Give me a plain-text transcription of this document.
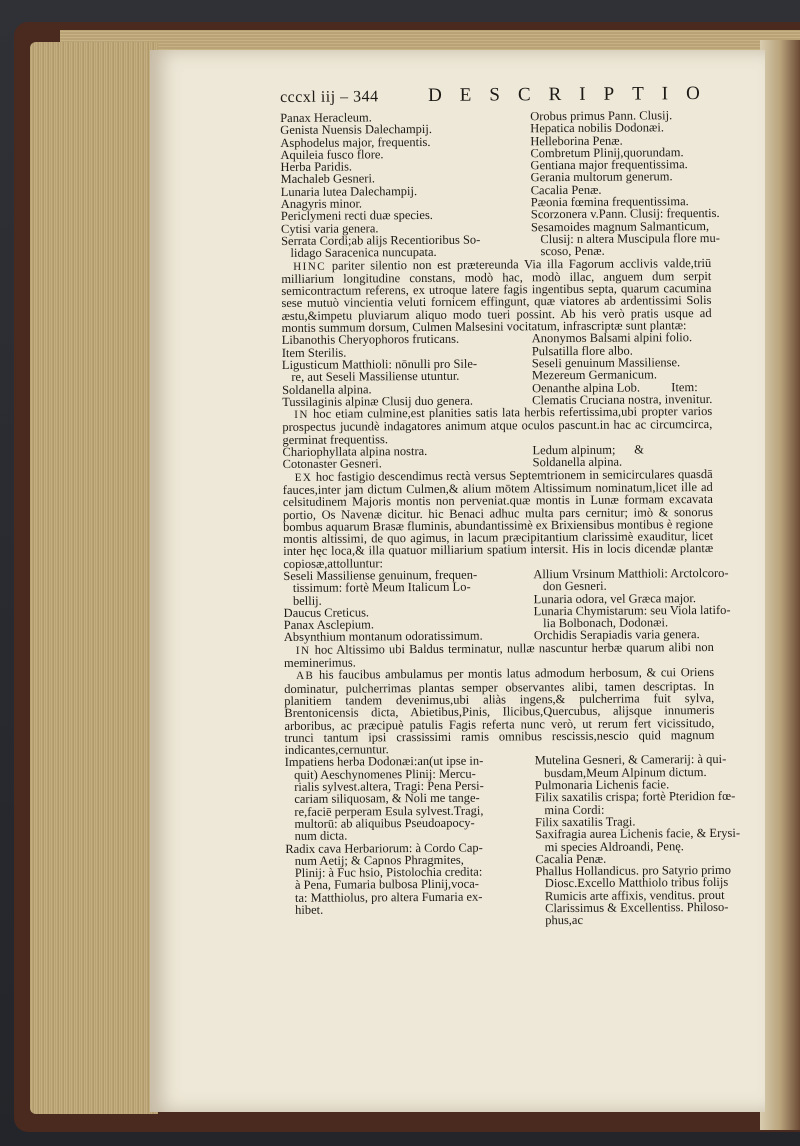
cccxl iij – 344	DESCRIPTIO
Panax Heracleum.
Genista Nuensis Dalechampij.
Asphodelus major, frequentis.
Aquileia fusco flore.
Herba Paridis.
Machaleb Gesneri.
Lunaria lutea Dalechampij.
Anagyris minor.
Periclymeni recti duæ species.
Cytisi varia genera.
Serrata Cordi;ab alijs Recentioribus So-
lidago Saracenica nuncupata.
Orobus primus Pann. Clusij.
Hepatica nobilis Dodonæi.
Helleborina Penæ.
Combretum Plinij,quorundam.
Gentiana major frequentissima.
Gerania multorum generum.
Cacalia Penæ.
Pæonia fœmina frequentissima.
Scorzonera v.Pann. Clusij: frequentis.
Sesamoides magnum Salmanticum,
Clusij: n altera Muscipula flore mu-
scoso, Penæ.
HINC pariter silentio non est prætereunda Via illa Fagorum acclivis valde,triū milliarium longitudine constans, modò hac, modò illac, anguem dum serpit semicontractum referens, ex utroque latere fagis ingentibus septa, quarum cacumina sese mutuò vincientia veluti fornicem effingunt, quæ viatores ab ardentissimi Solis æstu,&impetu pluviarum aliquo modo tueri possint. Ab his verò pratis usque ad montis summum dorsum, Culmen Malsesini vocitatum, infrascriptæ sunt plantæ:
Libanothis Cheryophoros fruticans.
Item Sterilis.
Ligusticum Matthioli: nōnulli pro Sile-
re, aut Seseli Massiliense utuntur.
Soldanella alpina.
Tussilaginis alpinæ Clusij duo genera.
Anonymos Balsami alpini folio.
Pulsatilla flore albo.
Seseli genuinum Massiliense.
Mezereum Germanicum.
Oenanthe alpina Lob.          Item:
Clematis Cruciana nostra, invenitur.
IN hoc etiam culmine,est planities satis lata herbis refertissima,ubi propter varios prospectus jucundè indagatores animum atque oculos pascunt.in hac ac circumcirca, germinat frequentiss.
Chariophyllata alpina nostra.
Cotonaster Gesneri.
Ledum alpinum;      &
Soldanella alpina.
EX hoc fastigio descendimus rectà versus Septemtrionem in semicirculares quasdā fauces,inter jam dictum Culmen,& alium mōtem Altissimum nominatum,licet ille ad celsitudinem Majoris montis non perveniat.quæ montis in Lunæ formam excavata portio, Os Navenæ dicitur. hic Benaci adhuc multa pars cernitur; imò & sonorus bombus aquarum Brasæ fluminis, abundantissimè ex Brixiensibus montibus è regione montis altissimi, de quo agimus, in lacum præcipitantium clarissimè exauditur, licet inter hęc loca,& illa quatuor milliarium spatium intersit. His in locis dicendæ plantæ copiosæ,attolluntur:
Seseli Massiliense genuinum, frequen-
tissimum: fortè Meum Italicum Lo-
bellij.
Daucus Creticus.
Panax Asclepium.
Absynthium montanum odoratissimum.
Allium Vrsinum Matthioli: Arctolcoro-
don Gesneri.
Lunaria odora, vel Græca major.
Lunaria Chymistarum: seu Viola latifo-
lia Bolbonach, Dodonæi.
Orchidis Serapiadis varia genera.
IN hoc Altissimo ubi Baldus terminatur, nullæ nascuntur herbæ quarum alibi non meminerimus.
AB his faucibus ambulamus per montis latus admodum herbosum, & cui Oriens dominatur, pulcherrimas plantas semper observantes alibi, tamen descriptas. In planitiem tandem devenimus,ubi aliàs ingens,& pulcherrima fuit sylva, Brentonicensis dicta, Abietibus,Pinis, Ilicibus,Quercubus, alijsque innumeris arboribus, ac præcipuè patulis Fagis referta nunc verò, ut rerum fert vicissitudo, trunci tantum ipsi crassissimi ramis omnibus rescissis,nescio quid magnum indicantes,cernuntur.
Impatiens herba Dodonæi:an(ut ipse in-
quit) Aeschynomenes Plinij: Mercu-
rialis sylvest.altera, Tragi: Pena Persi-
cariam siliquosam, & Noli me tange-
re,faciē perperam Esula sylvest.Tragi,
multorū: ab aliquibus Pseudoapocy-
num dicta.
Radix cava Herbariorum: à Cordo Cap-
num Aetij; & Capnos Phragmites,
Plinij: à Fuc hsio, Pistolochia credita:
à Pena, Fumaria bulbosa Plinij,voca-
ta: Matthiolus, pro altera Fumaria ex-
hibet.
Mutelina Gesneri, & Camerarij: à qui-
busdam,Meum Alpinum dictum.
Pulmonaria Lichenis facie.
Filix saxatilis crispa; fortè Pteridion fœ-
mina Cordi:
Filix saxatilis Tragi.
Saxifragia aurea Lichenis facie, & Erysi-
mi species Aldroandi, Penę.
Cacalia Penæ.
Phallus Hollandicus. pro Satyrio primo
Diosc.Excello Matthiolo tribus folijs
Rumicis arte affixis, venditus. prout
Clarissimus & Excellentiss. Philoso-
phus,ac
